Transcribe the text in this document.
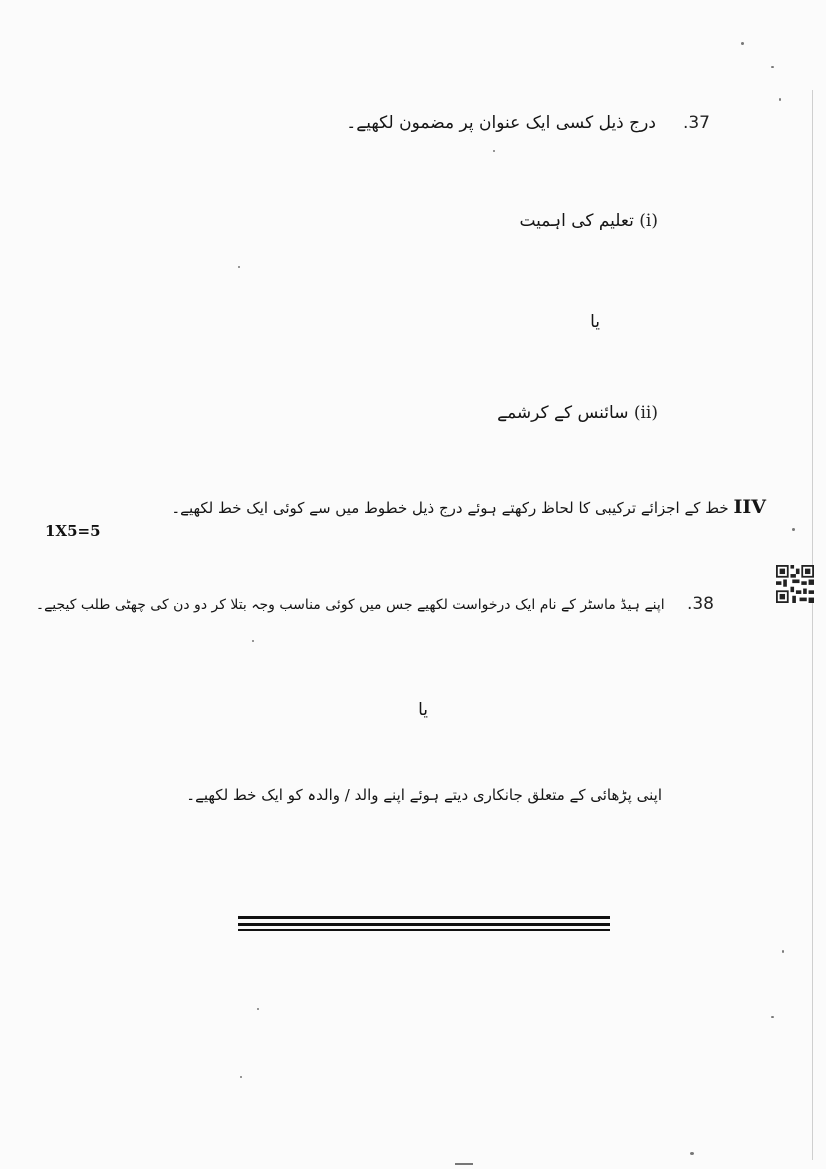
37.     درج ذیل کسی ایک عنوان پر مضمون لکھیے۔
(i) تعلیم کی اہمیت
یا
(ii) سائنس کے کرشمے
IIV خط کے اجزائے ترکیبی کا لحاظ رکھتے ہوئے درج ذیل خطوط میں سے کوئی ایک خط لکھیے۔
1X5=5
38.     اپنے ہیڈ ماسٹر کے نام ایک درخواست لکھیے جس میں کوئی مناسب وجہ بتلا کر دو دن کی چھٹی طلب کیجیے۔
یا
اپنی پڑھائی کے متعلق جانکاری دیتے ہوئے اپنے والد / والدہ کو ایک خط لکھیے۔
